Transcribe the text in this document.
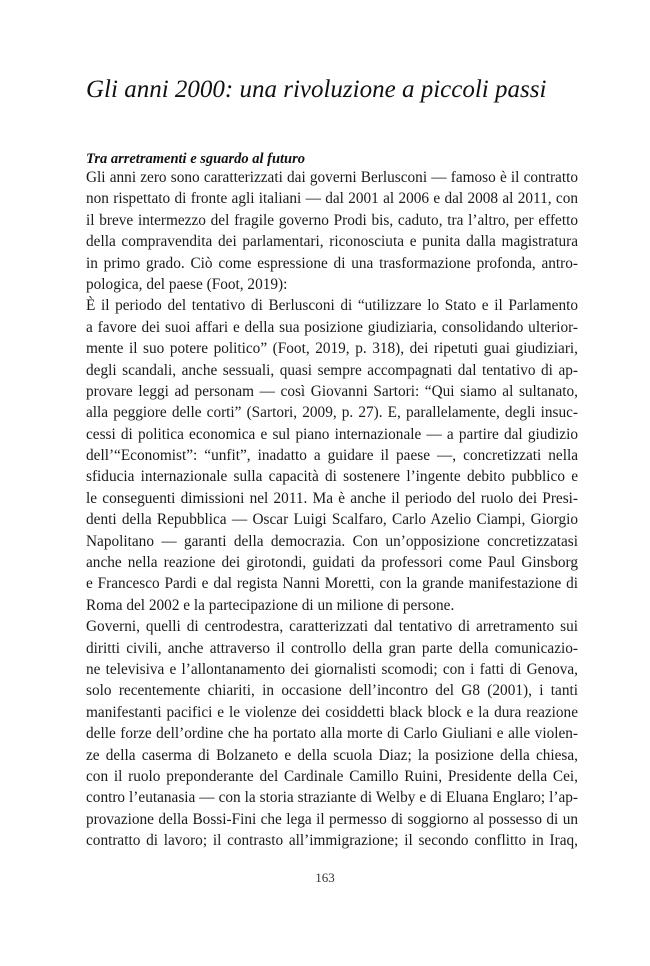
Gli anni 2000: una rivoluzione a piccoli passi
Tra arretramenti e sguardo al futuro
Gli anni zero sono caratterizzati dai governi Berlusconi — famoso è il contratto
non rispettato di fronte agli italiani — dal 2001 al 2006 e dal 2008 al 2011, con
il breve intermezzo del fragile governo Prodi bis, caduto, tra l’altro, per effetto
della compravendita dei parlamentari, riconosciuta e punita dalla magistratura
in primo grado. Ciò come espressione di una trasformazione profonda, antro-
pologica, del paese (Foot, 2019):
È il periodo del tentativo di Berlusconi di “utilizzare lo Stato e il Parlamento
a favore dei suoi affari e della sua posizione giudiziaria, consolidando ulterior-
mente il suo potere politico” (Foot, 2019, p. 318), dei ripetuti guai giudiziari,
degli scandali, anche sessuali, quasi sempre accompagnati dal tentativo di ap-
provare leggi ad personam — così Giovanni Sartori: “Qui siamo al sultanato,
alla peggiore delle corti” (Sartori, 2009, p. 27). E, parallelamente, degli insuc-
cessi di politica economica e sul piano internazionale — a partire dal giudizio
dell’“Economist”: “unfit”, inadatto a guidare il paese —, concretizzati nella
sfiducia internazionale sulla capacità di sostenere l’ingente debito pubblico e
le conseguenti dimissioni nel 2011. Ma è anche il periodo del ruolo dei Presi-
denti della Repubblica — Oscar Luigi Scalfaro, Carlo Azelio Ciampi, Giorgio
Napolitano — garanti della democrazia. Con un’opposizione concretizzatasi
anche nella reazione dei girotondi, guidati da professori come Paul Ginsborg
e Francesco Pardi e dal regista Nanni Moretti, con la grande manifestazione di
Roma del 2002 e la partecipazione di un milione di persone.
Governi, quelli di centrodestra, caratterizzati dal tentativo di arretramento sui
diritti civili, anche attraverso il controllo della gran parte della comunicazio-
ne televisiva e l’allontanamento dei giornalisti scomodi; con i fatti di Genova,
solo recentemente chiariti, in occasione dell’incontro del G8 (2001), i tanti
manifestanti pacifici e le violenze dei cosiddetti black block e la dura reazione
delle forze dell’ordine che ha portato alla morte di Carlo Giuliani e alle violen-
ze della caserma di Bolzaneto e della scuola Diaz; la posizione della chiesa,
con il ruolo preponderante del Cardinale Camillo Ruini, Presidente della Cei,
contro l’eutanasia — con la storia straziante di Welby e di Eluana Englaro; l’ap-
provazione della Bossi-Fini che lega il permesso di soggiorno al possesso di un
contratto di lavoro; il contrasto all’immigrazione; il secondo conflitto in Iraq,
163
